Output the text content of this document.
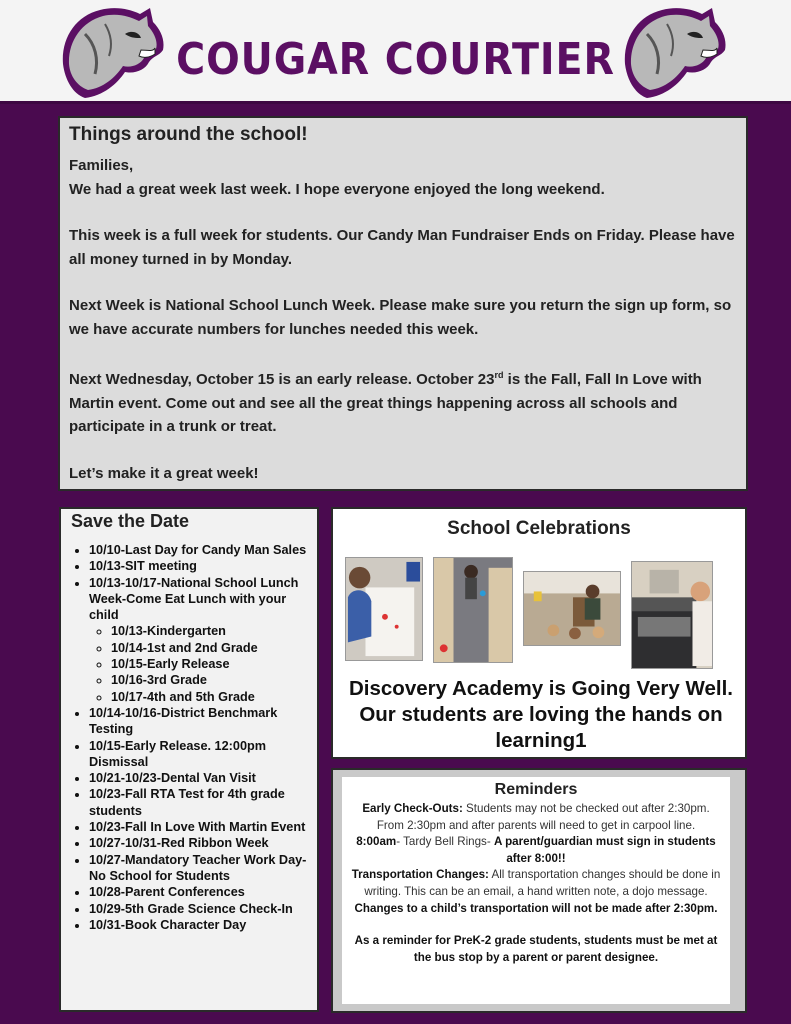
COUGAR COURTIER
Things around the school!

Families,

We had a great week last week. I hope everyone enjoyed the long weekend.

This week is a full week for students. Our Candy Man Fundraiser Ends on Friday. Please have all money turned in by Monday.

Next Week is National School Lunch Week. Please make sure you return the sign up form, so we have accurate numbers for lunches needed this week.

Next Wednesday, October 15 is an early release. October 23rd is the Fall, Fall In Love with Martin event. Come out and see all the great things happening across all schools and participate in a trunk or treat.

Let’s make it a great week!

Save the Date
• 10/10-Last Day for Candy Man Sales
• 10/13-SIT meeting
• 10/13-10/17-National School Lunch Week-Come Eat Lunch with your child
◦ 10/13-Kindergarten
◦ 10/14-1st and 2nd Grade
◦ 10/15-Early Release
◦ 10/16-3rd Grade
◦ 10/17-4th and 5th Grade
• 10/14-10/16-District Benchmark Testing
• 10/15-Early Release. 12:00pm Dismissal
• 10/21-10/23-Dental Van Visit
• 10/23-Fall RTA Test for 4th grade students
• 10/23-Fall In Love With Martin Event
• 10/27-10/31-Red Ribbon Week
• 10/27-Mandatory Teacher Work Day-No School for Students
• 10/28-Parent Conferences
• 10/29-5th Grade Science Check-In
• 10/31-Book Character Day
School Celebrations
Discovery Academy is Going Very Well. Our students are loving the hands on learning1
Reminders

Early Check-Outs: Students may not be checked out after 2:30pm. From 2:30pm and after parents will need to get in carpool line.

8:00am- Tardy Bell Rings- A parent/guardian must sign in students after 8:00!!

Transportation Changes: All transportation changes should be done in writing. This can be an email, a hand written note, a dojo message. Changes to a child’s transportation will not be made after 2:30pm.

As a reminder for PreK-2 grade students, students must be met at the bus stop by a parent or parent designee.
